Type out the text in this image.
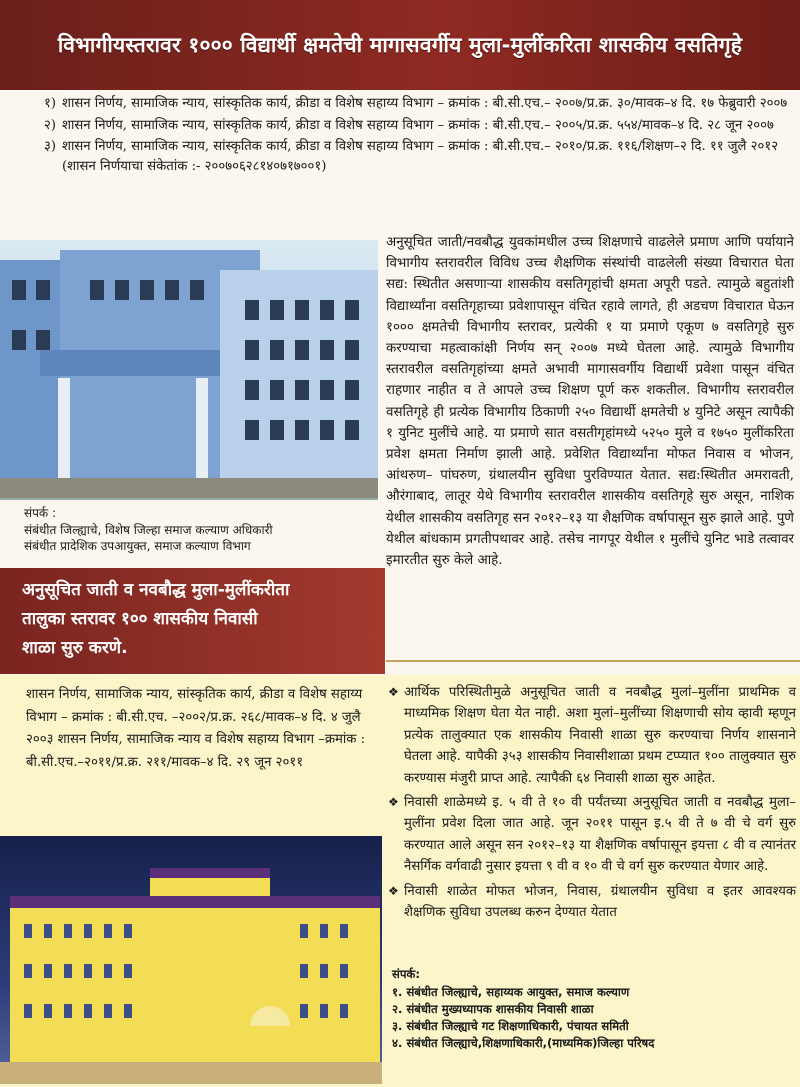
विभागीयस्तरावर १००० विद्यार्थी क्षमतेची मागासवर्गीय मुला-मुलींकरिता शासकीय वसतिगृहे
१) शासन निर्णय, सामाजिक न्याय, सांस्कृतिक कार्य, क्रीडा व विशेष सहाय्य विभाग – क्रमांक : बी.सी.एच.– २००७/प्र.क्र. ३०/मावक–४ दि. १७ फेब्रुवारी २००७
२) शासन निर्णय, सामाजिक न्याय, सांस्कृतिक कार्य, क्रीडा व विशेष सहाय्य विभाग – क्रमांक : बी.सी.एच.– २००५/प्र.क्र. ५५४/मावक–४ दि. २८ जून २००७
३) शासन निर्णय, सामाजिक न्याय, सांस्कृतिक कार्य, क्रीडा व विशेष सहाय्य विभाग – क्रमांक : बी.सी.एच.– २०१०/प्र.क्र. ११६/शिक्षण–२ दि. ११ जुलै २०१२ (शासन निर्णयाचा संकेतांक :- २००७०६२८१४०७१७००१)
संपर्क :
संबंधीत जिल्ह्याचे, विशेष जिल्हा समाज कल्याण अधिकारी
संबंधीत प्रादेशिक उपआयुक्त, समाज कल्याण विभाग
अनुसूचित जाती/नवबौद्ध युवकांमधील उच्च शिक्षणाचे वाढलेले प्रमाण आणि पर्यायाने विभागीय स्तरावरील विविध उच्च शैक्षणिक संस्थांची वाढलेली संख्या विचारात घेता सद्य: स्थितीत असणाऱ्या शासकीय वसतिगृहांची क्षमता अपूरी पडते. त्यामुळे बहुतांशी विद्यार्थ्यांना वसतिगृहाच्या प्रवेशापासून वंचित रहावे लागते, ही अडचण विचारात घेऊन १००० क्षमतेची विभागीय स्तरावर, प्रत्येकी १ या प्रमाणे एकूण ७ वसतिगृहे सुरु करण्याचा महत्वाकांक्षी निर्णय सन् २००७ मध्ये घेतला आहे. त्यामुळे विभागीय स्तरावरील वसतिगृहांच्या क्षमते अभावी मागासवर्गीय विद्यार्थी प्रवेशा पासून वंचित राहणार नाहीत व ते आपले उच्च शिक्षण पूर्ण करु शकतील. विभागीय स्तरावरील वसतिगृहे ही प्रत्येक विभागीय ठिकाणी २५० विद्यार्थी क्षमतेची ४ युनिटे असून त्यापैकी १ युनिट मुलींचे आहे. या प्रमाणे सात वसतीगृहांमध्ये ५२५० मुले व १७५० मुलींकरिता प्रवेश क्षमता निर्माण झाली आहे. प्रवेशित विद्यार्थ्यांना मोफत निवास व भोजन, आंथरुण– पांघरुण, ग्रंथालयीन सुविधा पुरविण्यात येतात. सद्य:स्थितीत अमरावती, औरंगाबाद, लातूर येथे विभागीय स्तरावरील शासकीय वसतिगृहे सुरु असून, नाशिक येथील शासकीय वसतिगृह सन २०१२–१३ या शैक्षणिक वर्षापासून सुरु झाले आहे. पुणे येथील बांधकाम प्रगतीपथावर आहे. तसेच नागपूर येथील १ मुलींचे युनिट भाडे तत्वावर इमारतीत सुरु केले आहे.
अनुसूचित जाती व नवबौद्ध मुला-मुलींकरीता
तालुका स्तरावर १०० शासकीय निवासी
शाळा सुरु करणे.
शासन निर्णय, सामाजिक न्याय, सांस्कृतिक कार्य, क्रीडा व विशेष सहाय्य विभाग – क्रमांक : बी.सी.एच. –२००२/प्र.क्र. २६८/मावक–४ दि. ४ जुलै २००३ शासन निर्णय, सामाजिक न्याय व विशेष सहाय्य विभाग –क्रमांक : बी.सी.एच.–२०११/प्र.क्र. २११/मावक–४ दि. २९ जून २०११
❖ आर्थिक परिस्थितीमुळे अनुसूचित जाती व नवबौद्ध मुलां–मुलींना प्राथमिक व माध्यमिक शिक्षण घेता येत नाही. अशा मुलां–मुलींच्या शिक्षणाची सोय व्हावी म्हणून प्रत्येक तालुक्यात एक शासकीय निवासी शाळा सुरु करण्याचा निर्णय शासनाने घेतला आहे. यापैकी ३५३ शासकीय निवासीशाळा प्रथम टप्प्यात १०० तालुक्यात सुरु करण्यास मंजुरी प्राप्त आहे. त्यापैकी ६४ निवासी शाळा सुरु आहेत.
❖ निवासी शाळेमध्ये इ. ५ वी ते १० वी पर्यंतच्या अनुसूचित जाती व नवबौद्ध मुला–मुलींना प्रवेश दिला जात आहे. जून २०११ पासून इ.५ वी ते ७ वी चे वर्ग सुरु करण्यात आले असून सन २०१२–१३ या शैक्षणिक वर्षापासून इयत्ता ८ वी व त्यानंतर नैसर्गिक वर्गवाढी नुसार इयत्ता ९ वी व १० वी चे वर्ग सुरु करण्यात येणार आहे.
❖ निवासी शाळेत मोफत भोजन, निवास, ग्रंथालयीन सुविधा व इतर आवश्यक शैक्षणिक सुविधा उपलब्ध करुन देण्यात येतात
संपर्क:
१. संबंधीत जिल्ह्याचे, सहाय्यक आयुक्त, समाज कल्याण
२. संबंधीत मुख्यध्यापक शासकीय निवासी शाळा
३. संबंधीत जिल्ह्याचे गट शिक्षणाधिकारी, पंचायत समिती
४. संबंधीत जिल्ह्याचे,शिक्षणाधिकारी,(माध्यमिक)जिल्हा परिषद
